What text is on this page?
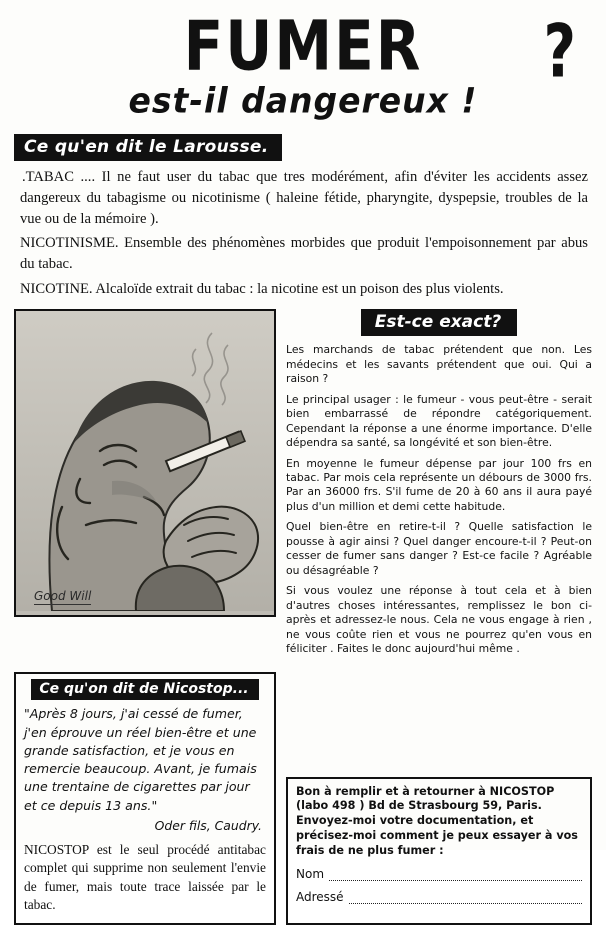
FUMER ?
est-il dangereux !
Ce qu'en dit le Larousse.

.TABAC .... Il ne faut user du tabac que tres modérément, afin d'éviter les accidents assez dangereux du tabagisme ou nicotinisme ( haleine fétide, pharyngite, dyspepsie, troubles de la vue ou de la mémoire ).

NICOTINISME. Ensemble des phénomènes morbides que produit l'empoisonnement par abus du tabac.

NICOTINE. Alcaloïde extrait du tabac : la nicotine est un poison des plus violents.

Good Will
Est-ce exact?

Les marchands de tabac prétendent que non. Les médecins et les savants prétendent que oui. Qui a raison ?

Le principal usager : le fumeur - vous peut-être - serait bien embarrassé de répondre catégoriquement. Cependant la réponse a une énorme importance. D'elle dépendra sa santé, sa longévité et son bien-être.

En moyenne le fumeur dépense par jour 100 frs en tabac. Par mois cela représente un débours de 3000 frs. Par an 36000 frs. S'il fume de 20 à 60 ans il aura payé plus d'un million et demi cette habitude.

Quel bien-être en retire-t-il ? Quelle satisfaction le pousse à agir ainsi ? Quel danger encoure-t-il ? Peut-on cesser de fumer sans danger ? Est-ce facile ? Agréable ou désagréable ?

Si vous voulez une réponse à tout cela et à bien d'autres choses intéressantes, remplissez le bon ci-après et adressez-le nous. Cela ne vous engage à rien , ne vous coûte rien et vous ne pourrez qu'en vous en féliciter . Faites le donc aujourd'hui même .

Ce qu'on dit de Nicostop...

"Après 8 jours, j'ai cessé de fumer, j'en éprouve un réel bien-être et une grande satisfaction, et je vous en remercie beaucoup. Avant, je fumais une trentaine de cigarettes par jour et ce depuis 13 ans."

Oder fils, Caudry.

NICOSTOP est le seul procédé antitabac complet qui supprime non seulement l'envie de fumer, mais toute trace laissée par le tabac.

Bon à remplir et à retourner à NICOSTOP
(labo 498 ) Bd de Strasbourg 59, Paris.
Envoyez-moi votre documentation, et précisez-moi comment je peux essayer à vos frais de ne plus fumer :

Nom
Adressé
